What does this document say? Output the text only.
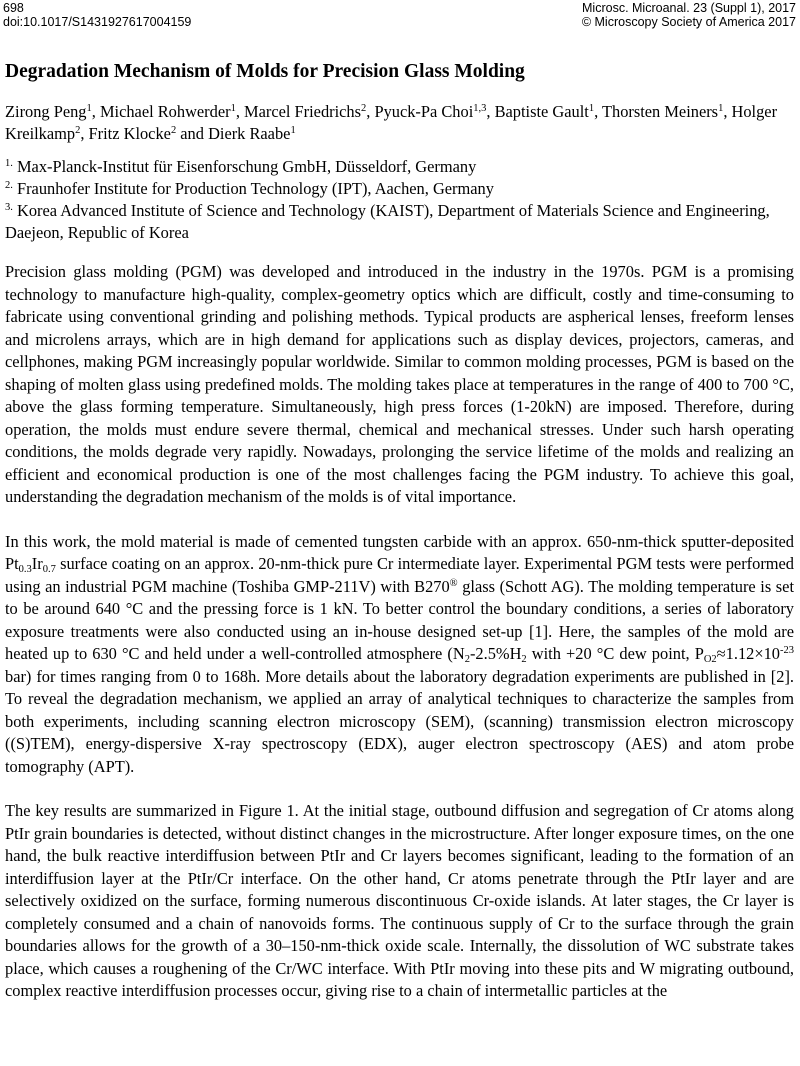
698
doi:10.1017/S1431927617004159
Microsc. Microanal. 23 (Suppl 1), 2017
© Microscopy Society of America 2017
Degradation Mechanism of Molds for Precision Glass Molding
Zirong Peng$^1$, Michael Rohwerder$^1$, Marcel Friedrichs$^2$, Pyuck-Pa Choi$^{1,3}$, Baptiste Gault$^1$, Thorsten Meiners$^1$, Holger Kreilkamp$^2$, Fritz Klocke$^2$ and Dierk Raabe$^1$
$^{1.}$ Max-Planck-Institut für Eisenforschung GmbH, Düsseldorf, Germany
$^{2.}$ Fraunhofer Institute for Production Technology (IPT), Aachen, Germany
$^{3.}$ Korea Advanced Institute of Science and Technology (KAIST), Department of Materials Science and Engineering, Daejeon, Republic of Korea

Precision glass molding (PGM) was developed and introduced in the industry in the 1970s. PGM is a promising technology to manufacture high-quality, complex-geometry optics which are difficult, costly and time-consuming to fabricate using conventional grinding and polishing methods. Typical products are aspherical lenses, freeform lenses and microlens arrays, which are in high demand for applications such as display devices, projectors, cameras, and cellphones, making PGM increasingly popular worldwide. Similar to common molding processes, PGM is based on the shaping of molten glass using predefined molds. The molding takes place at temperatures in the range of 400 to 700 °C, above the glass forming temperature. Simultaneously, high press forces (1-20kN) are imposed. Therefore, during operation, the molds must endure severe thermal, chemical and mechanical stresses. Under such harsh operating conditions, the molds degrade very rapidly. Nowadays, prolonging the service lifetime of the molds and realizing an efficient and economical production is one of the most challenges facing the PGM industry. To achieve this goal, understanding the degradation mechanism of the molds is of vital importance.

In this work, the mold material is made of cemented tungsten carbide with an approx. 650-nm-thick sputter-deposited $Pt_{0.3}Ir_{0.7}$ surface coating on an approx. 20-nm-thick pure Cr intermediate layer. Experimental PGM tests were performed using an industrial PGM machine (Toshiba GMP-211V) with B270® glass (Schott AG). The molding temperature is set to be around 640 °C and the pressing force is 1 kN. To better control the boundary conditions, a series of laboratory exposure treatments were also conducted using an in-house designed set-up [1]. Here, the samples of the mold are heated up to 630 °C and held under a well-controlled atmosphere ($N_2-2.5\%H_2$ with +20 °C dew point, $P_{O2}\approx 1.12\times 10^{-23}$ bar) for times ranging from 0 to 168h. More details about the laboratory degradation experiments are published in [2]. To reveal the degradation mechanism, we applied an array of analytical techniques to characterize the samples from both experiments, including scanning electron microscopy (SEM), (scanning) transmission electron microscopy ((S)TEM), energy-dispersive X-ray spectroscopy (EDX), auger electron spectroscopy (AES) and atom probe tomography (APT).

The key results are summarized in Figure 1. At the initial stage, outbound diffusion and segregation of Cr atoms along PtIr grain boundaries is detected, without distinct changes in the microstructure. After longer exposure times, on the one hand, the bulk reactive interdiffusion between PtIr and Cr layers becomes significant, leading to the formation of an interdiffusion layer at the PtIr/Cr interface. On the other hand, Cr atoms penetrate through the PtIr layer and are selectively oxidized on the surface, forming numerous discontinuous Cr-oxide islands. At later stages, the Cr layer is completely consumed and a chain of nanovoids forms. The continuous supply of Cr to the surface through the grain boundaries allows for the growth of a 30–150-nm-thick oxide scale. Internally, the dissolution of WC substrate takes place, which causes a roughening of the Cr/WC interface. With PtIr moving into these pits and W migrating outbound, complex reactive interdiffusion processes occur, giving rise to a chain of intermetallic particles at the
